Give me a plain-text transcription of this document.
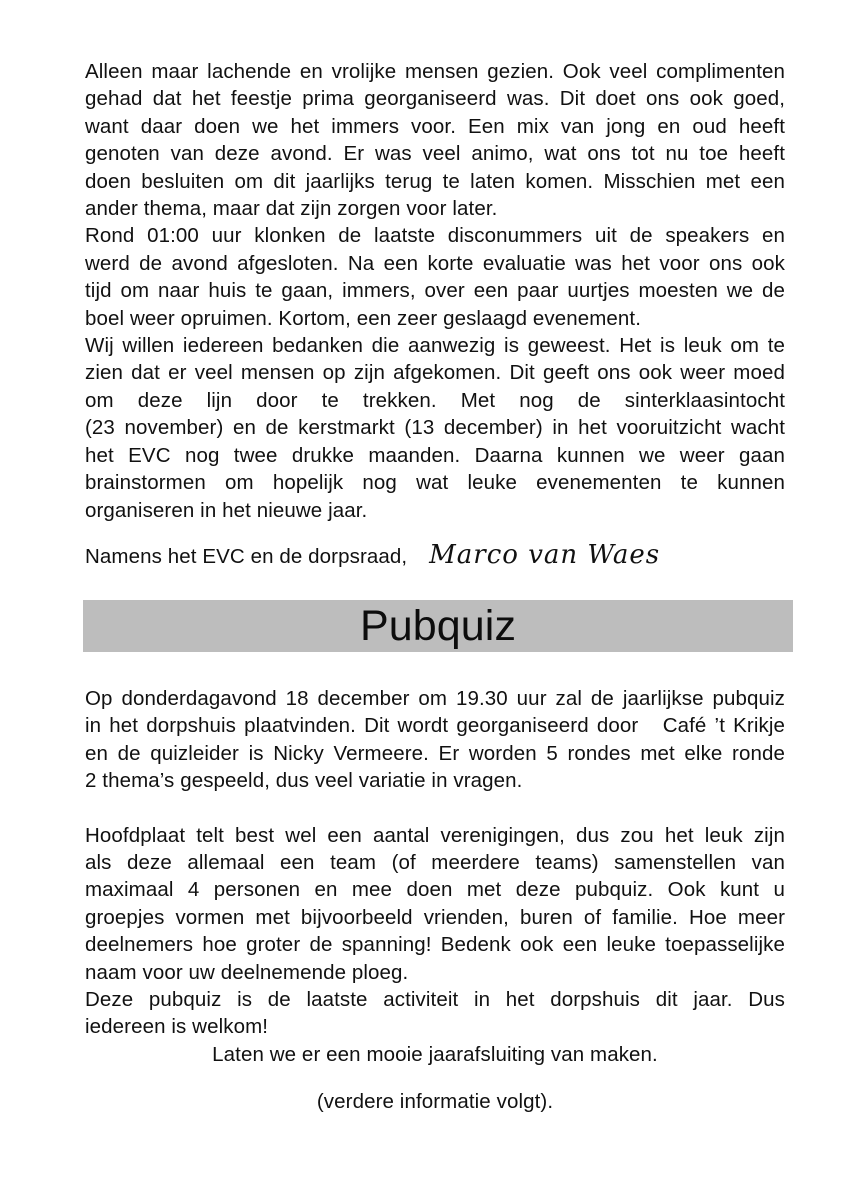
Alleen maar lachende en vrolijke mensen gezien. Ook veel complimenten
gehad dat het feestje prima georganiseerd was. Dit doet ons ook goed,
want daar doen we het immers voor. Een mix van jong en oud heeft
genoten van deze avond. Er was veel animo, wat ons tot nu toe heeft
doen besluiten om dit jaarlijks terug te laten komen. Misschien met een
ander thema, maar dat zijn zorgen voor later.
Rond 01:00 uur klonken de laatste disconummers uit de speakers en
werd de avond afgesloten. Na een korte evaluatie was het voor ons ook
tijd om naar huis te gaan, immers, over een paar uurtjes moesten we de
boel weer opruimen. Kortom, een zeer geslaagd evenement.
Wij willen iedereen bedanken die aanwezig is geweest. Het is leuk om te
zien dat er veel mensen op zijn afgekomen. Dit geeft ons ook weer moed
om deze lijn door te trekken. Met nog de sinterklaasintocht
(23 november) en de kerstmarkt (13 december) in het vooruitzicht wacht
het EVC nog twee drukke maanden. Daarna kunnen we weer gaan
brainstormen om hopelijk nog wat leuke evenementen te kunnen
organiseren in het nieuwe jaar.
Namens het EVC en de dorpsraad, Marco van Waes
Pubquiz
Op donderdagavond 18 december om 19.30 uur zal de jaarlijkse pubquiz
in het dorpshuis plaatvinden. Dit wordt georganiseerd door   Café ’t Krikje
en de quizleider is Nicky Vermeere. Er worden 5 rondes met elke ronde
2 thema’s gespeeld, dus veel variatie in vragen.
Hoofdplaat telt best wel een aantal verenigingen, dus zou het leuk zijn
als deze allemaal een team (of meerdere teams) samenstellen van
maximaal 4 personen en mee doen met deze pubquiz. Ook kunt u
groepjes vormen met bijvoorbeeld vrienden, buren of familie. Hoe meer
deelnemers hoe groter de spanning! Bedenk ook een leuke toepasselijke
naam voor uw deelnemende ploeg.
Deze pubquiz is de laatste activiteit in het dorpshuis dit jaar. Dus
iedereen is welkom!
Laten we er een mooie jaarafsluiting van maken.
(verdere informatie volgt).
